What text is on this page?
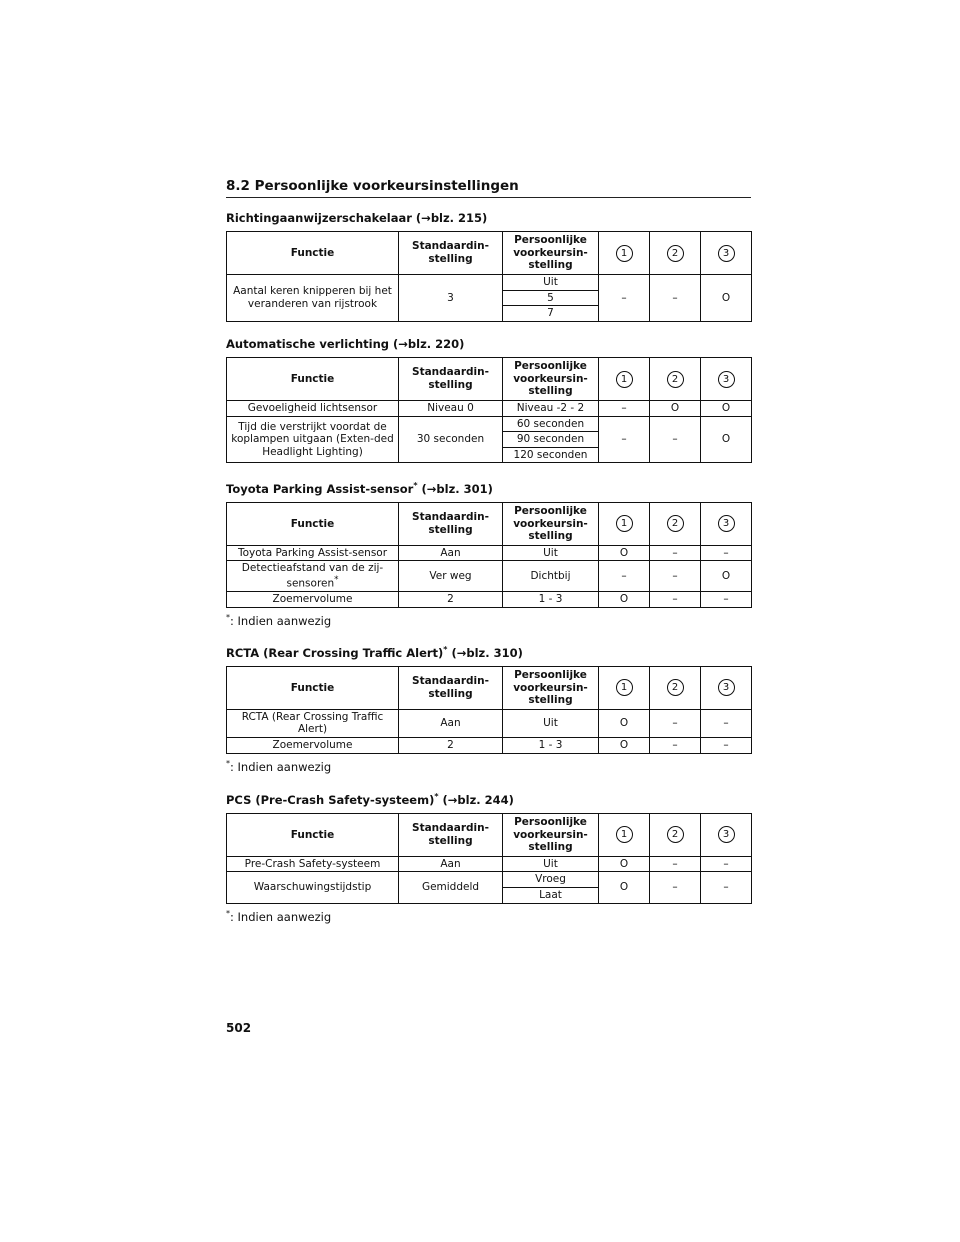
8.2 Persoonlijke voorkeursinstellingen
Richtingaanwijzerschakelaar (→blz. 215)
Functie	Standaardin-stelling	Persoonlijke voorkeursin-stelling	1	2	3
Aantal keren knipperen bij het veranderen van rijstrook	3	Uit	–	–	O
		5			
		7			
Automatische verlichting (→blz. 220)
Functie	Standaardin-stelling	Persoonlijke voorkeursin-stelling	1	2	3
Gevoeligheid lichtsensor	Niveau 0	Niveau -2 - 2	–	O	O
Tijd die verstrijkt voordat de koplampen uitgaan (Exten-ded Headlight Lighting)	30 seconden	60 seconden	–	–	O
		90 seconden			
		120 seconden			
Toyota Parking Assist-sensor* (→blz. 301)
Functie	Standaardin-stelling	Persoonlijke voorkeursin-stelling	1	2	3
Toyota Parking Assist-sensor	Aan	Uit	O	–	–
Detectieafstand van de zij-sensoren*	Ver weg	Dichtbij	–	–	O
Zoemervolume	2	1 - 3	O	–	–
*: Indien aanwezig
RCTA (Rear Crossing Traffic Alert)* (→blz. 310)
Functie	Standaardin-stelling	Persoonlijke voorkeursin-stelling	1	2	3
RCTA (Rear Crossing Traffic Alert)	Aan	Uit	O	–	–
Zoemervolume	2	1 - 3	O	–	–
*: Indien aanwezig
PCS (Pre-Crash Safety-systeem)* (→blz. 244)
Functie	Standaardin-stelling	Persoonlijke voorkeursin-stelling	1	2	3
Pre-Crash Safety-systeem	Aan	Uit	O	–	–
Waarschuwingstijdstip	Gemiddeld	Vroeg	O	–	–
		Laat			
*: Indien aanwezig
502
